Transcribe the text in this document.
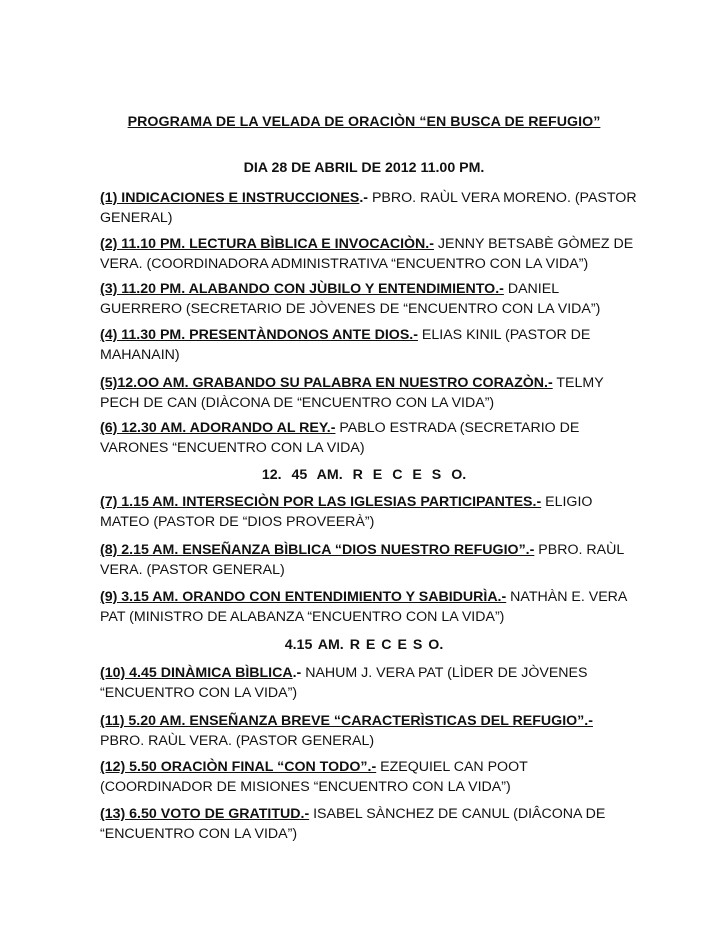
PROGRAMA DE LA VELADA DE ORACIÒN “EN BUSCA DE REFUGIO”
DIA 28 DE ABRIL DE 2012 11.00 PM.
(1) INDICACIONES E INSTRUCCIONES.- PBRO. RAÙL VERA MORENO. (PASTOR GENERAL)
(2) 11.10 PM. LECTURA BÌBLICA E INVOCACIÒN.- JENNY BETSABÈ GÒMEZ DE VERA. (COORDINADORA ADMINISTRATIVA “ENCUENTRO CON LA VIDA”)
(3) 11.20 PM. ALABANDO CON JÙBILO Y ENTENDIMIENTO.- DANIEL GUERRERO (SECRETARIO DE JÒVENES DE “ENCUENTRO CON LA VIDA”)
(4) 11.30 PM. PRESENTÀNDONOS ANTE DIOS.- ELIAS KINIL (PASTOR DE MAHANAIN)
(5)12.OO AM. GRABANDO SU PALABRA EN NUESTRO CORAZÒN.- TELMY PECH DE CAN (DIÀCONA DE “ENCUENTRO CON LA VIDA”)
(6) 12.30 AM. ADORANDO AL REY.- PABLO ESTRADA (SECRETARIO DE VARONES “ENCUENTRO CON LA VIDA)
12. 45 AM. R E C E S O.
(7) 1.15 AM. INTERSECIÒN POR LAS IGLESIAS PARTICIPANTES.- ELIGIO MATEO (PASTOR DE “DIOS PROVEERÀ”)
(8) 2.15 AM. ENSEÑANZA BÌBLICA “DIOS NUESTRO REFUGIO”.- PBRO. RAÙL VERA. (PASTOR GENERAL)
(9) 3.15 AM. ORANDO CON ENTENDIMIENTO Y SABIDURÌA.- NATHÀN E. VERA PAT (MINISTRO DE ALABANZA “ENCUENTRO CON LA VIDA”)
4.15 AM. R E C E S O.
(10) 4.45 DINÀMICA BÌBLICA.- NAHUM J. VERA PAT (LÌDER DE JÒVENES “ENCUENTRO CON LA VIDA”)
(11) 5.20 AM. ENSEÑANZA BREVE “CARACTERÌSTICAS DEL REFUGIO”.- PBRO. RAÙL VERA. (PASTOR GENERAL)
(12) 5.50 ORACIÒN FINAL “CON TODO”.- EZEQUIEL CAN POOT (COORDINADOR DE MISIONES “ENCUENTRO CON LA VIDA”)
(13) 6.50 VOTO DE GRATITUD.- ISABEL SÀNCHEZ DE CANUL (DIÂCONA DE “ENCUENTRO CON LA VIDA”)
